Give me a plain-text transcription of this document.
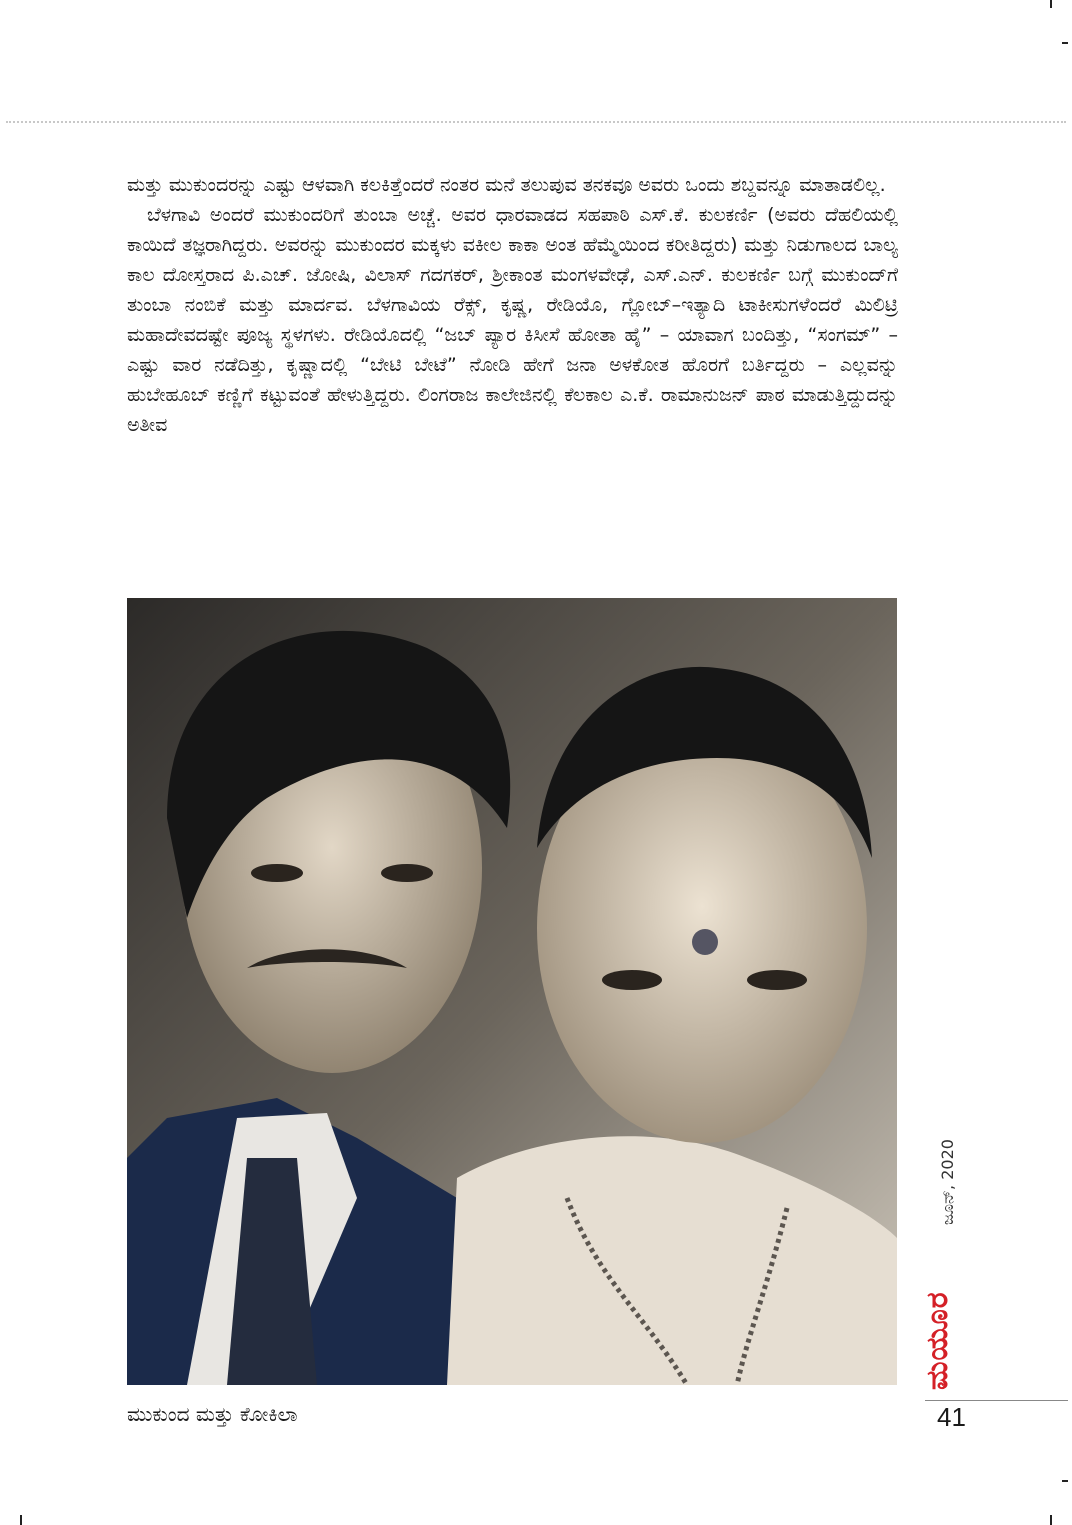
ಮತ್ತು ಮುಕುಂದರನ್ನು ಎಷ್ಟು ಆಳವಾಗಿ ಕಲಕಿತ್ತೆಂದರೆ ನಂತರ ಮನೆ ತಲುಪುವ ತನಕವೂ ಅವರು ಒಂದು ಶಬ್ದವನ್ನೂ ಮಾತಾಡಲಿಲ್ಲ.

ಬೆಳಗಾವಿ ಅಂದರೆ ಮುಕುಂದರಿಗೆ ತುಂಬಾ ಅಚ್ಚೆ. ಅವರ ಧಾರವಾಡದ ಸಹಪಾಠಿ ಎಸ್.ಕೆ. ಕುಲಕರ್ಣಿ (ಅವರು ದೆಹಲಿಯಲ್ಲಿ ಕಾಯಿದೆ ತಜ್ಞರಾಗಿದ್ದರು. ಅವರನ್ನು ಮುಕುಂದರ ಮಕ್ಕಳು ವಕೀಲ ಕಾಕಾ ಅಂತ ಹೆಮ್ಮೆಯಿಂದ ಕರೀತಿದ್ದರು) ಮತ್ತು ನಿಡುಗಾಲದ ಬಾಲ್ಯ ಕಾಲ ದೋಸ್ತರಾದ ಪಿ.ಎಚ್. ಜೋಷಿ, ವಿಲಾಸ್ ಗದಗಕರ್, ಶ್ರೀಕಾಂತ ಮಂಗಳವೇಢೆ, ಎಸ್.ಎನ್. ಕುಲಕರ್ಣಿ ಬಗ್ಗೆ ಮುಕುಂದ್‌ಗೆ ತುಂಬಾ ನಂಬಿಕೆ ಮತ್ತು ಮಾರ್ದವ. ಬೆಳಗಾವಿಯ ರೆಕ್ಸ್, ಕೃಷ್ಣ, ರೇಡಿಯೊ, ಗ್ಲೋಬ್–ಇತ್ಯಾದಿ ಟಾಕೀಸುಗಳೆಂದರೆ ಮಿಲಿಟ್ರಿ ಮಹಾದೇವದಷ್ಟೇ ಪೂಜ್ಯ ಸ್ಥಳಗಳು. ರೇಡಿಯೊದಲ್ಲಿ “ಜಬ್ ಪ್ಯಾರ ಕಿಸೀಸೆ ಹೋತಾ ಹೈ” – ಯಾವಾಗ ಬಂದಿತ್ತು, “ಸಂಗಮ್” – ಎಷ್ಟು ವಾರ ನಡೆದಿತ್ತು, ಕೃಷ್ಣಾದಲ್ಲಿ “ಬೇಟಿ ಬೇಟೆ” ನೋಡಿ ಹೇಗೆ ಜನಾ ಅಳಕೋತ ಹೊರಗೆ ಬರ್ತಿದ್ದರು – ಎಲ್ಲವನ್ನು ಹುಬೇಹೂಬ್ ಕಣ್ಣಿಗೆ ಕಟ್ಟುವಂತೆ ಹೇಳುತ್ತಿದ್ದರು. ಲಿಂಗರಾಜ ಕಾಲೇಜಿನಲ್ಲಿ ಕೆಲಕಾಲ ಎ.ಕೆ. ರಾಮಾನುಜನ್ ಪಾಠ ಮಾಡುತ್ತಿದ್ದುದನ್ನು ಅತೀವ

ಮುಕುಂದ ಮತ್ತು ಕೋಕಿಲಾ
ಜೂನ್, 2020
ಮಯೂರ
41
